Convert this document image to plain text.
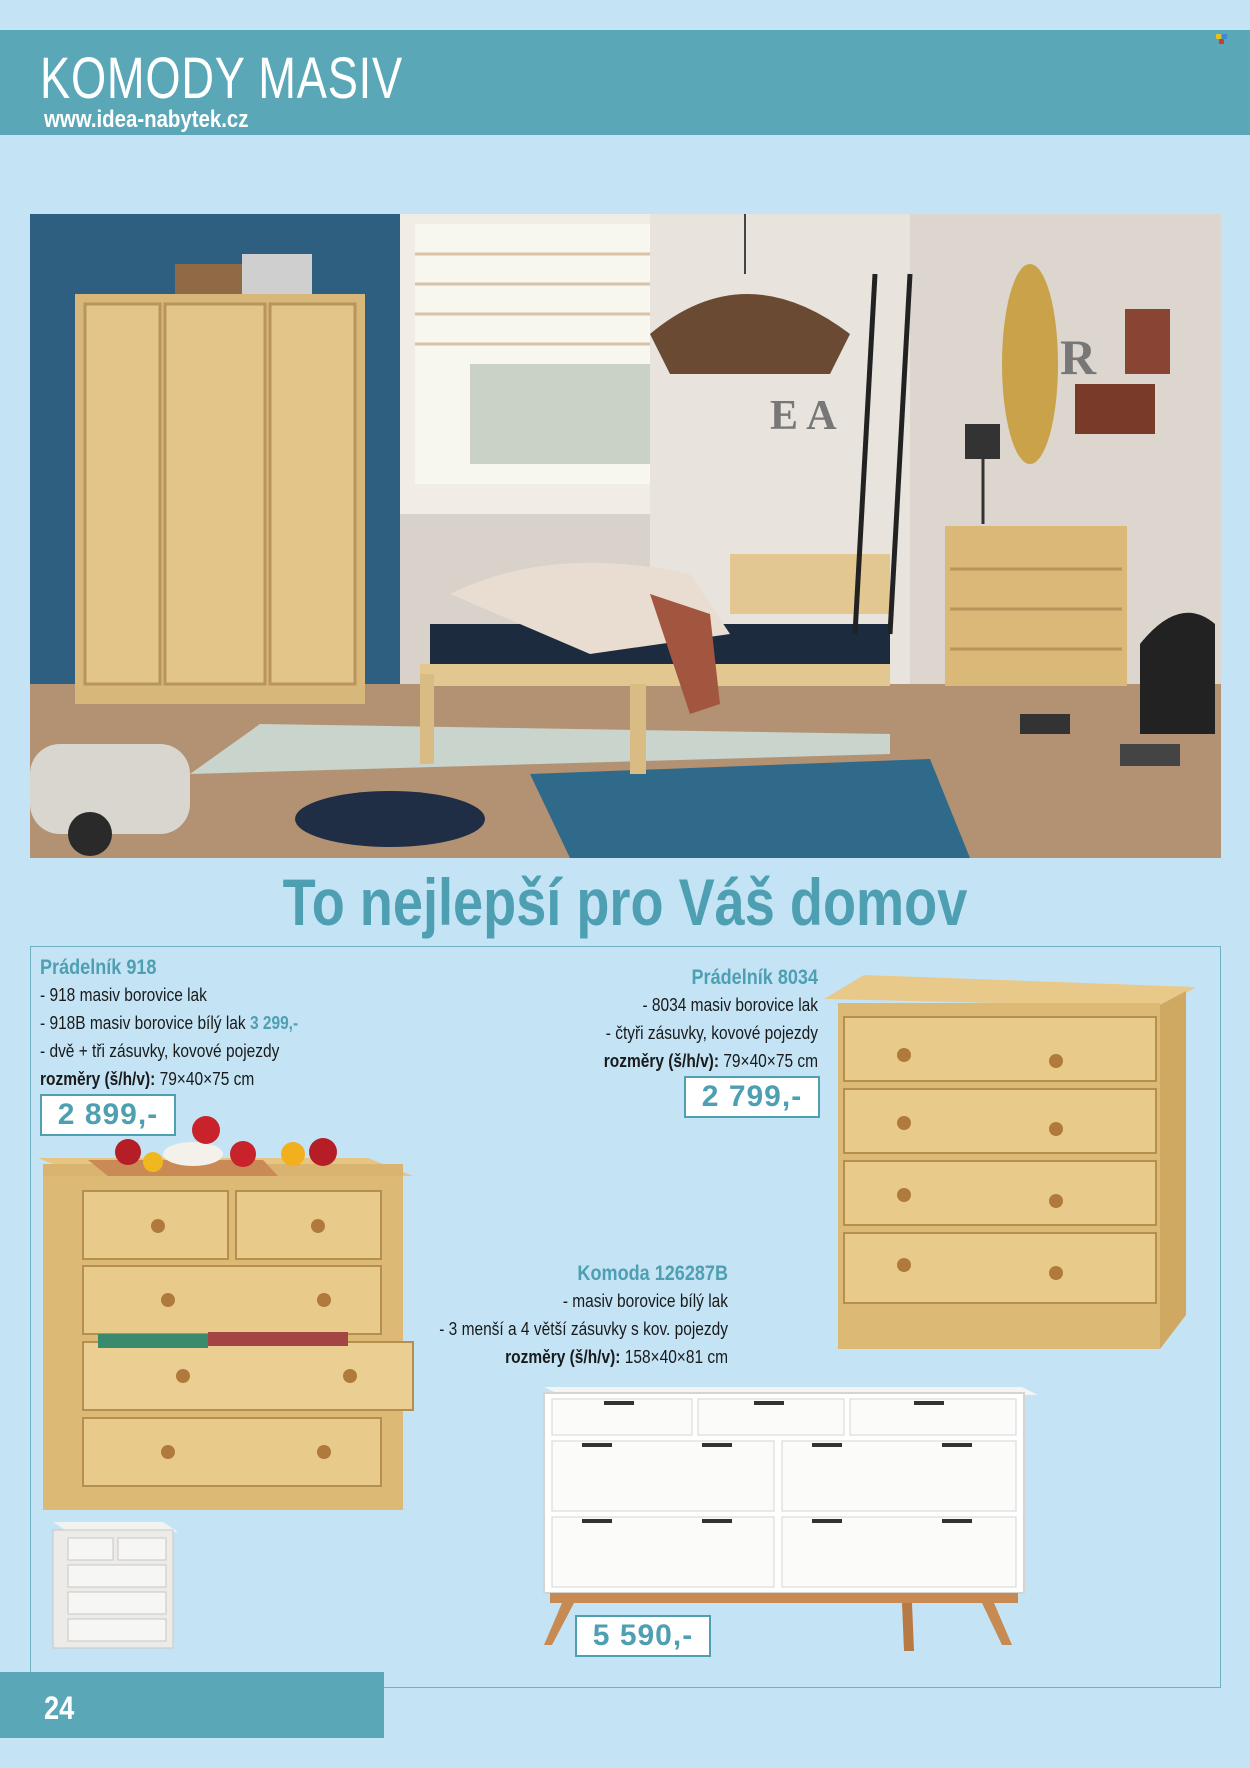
KOMODY MASIV
www.idea-nabytek.cz
E A
R
To nejlepší pro Váš domov
Prádelník 918
- 918 masiv borovice lak
- 918B masiv borovice bílý lak 3 299,-
- dvě + tři zásuvky, kovové pojezdy
rozměry (š/h/v): 79×40×75 cm
2 899,-
Prádelník 8034
- 8034 masiv borovice lak
- čtyři zásuvky, kovové pojezdy
rozměry (š/h/v): 79×40×75 cm
2 799,-
Komoda 126287B
- masiv borovice bílý lak
- 3 menší a 4 větší zásuvky s kov. pojezdy
rozměry (š/h/v): 158×40×81 cm
5 590,-
24
